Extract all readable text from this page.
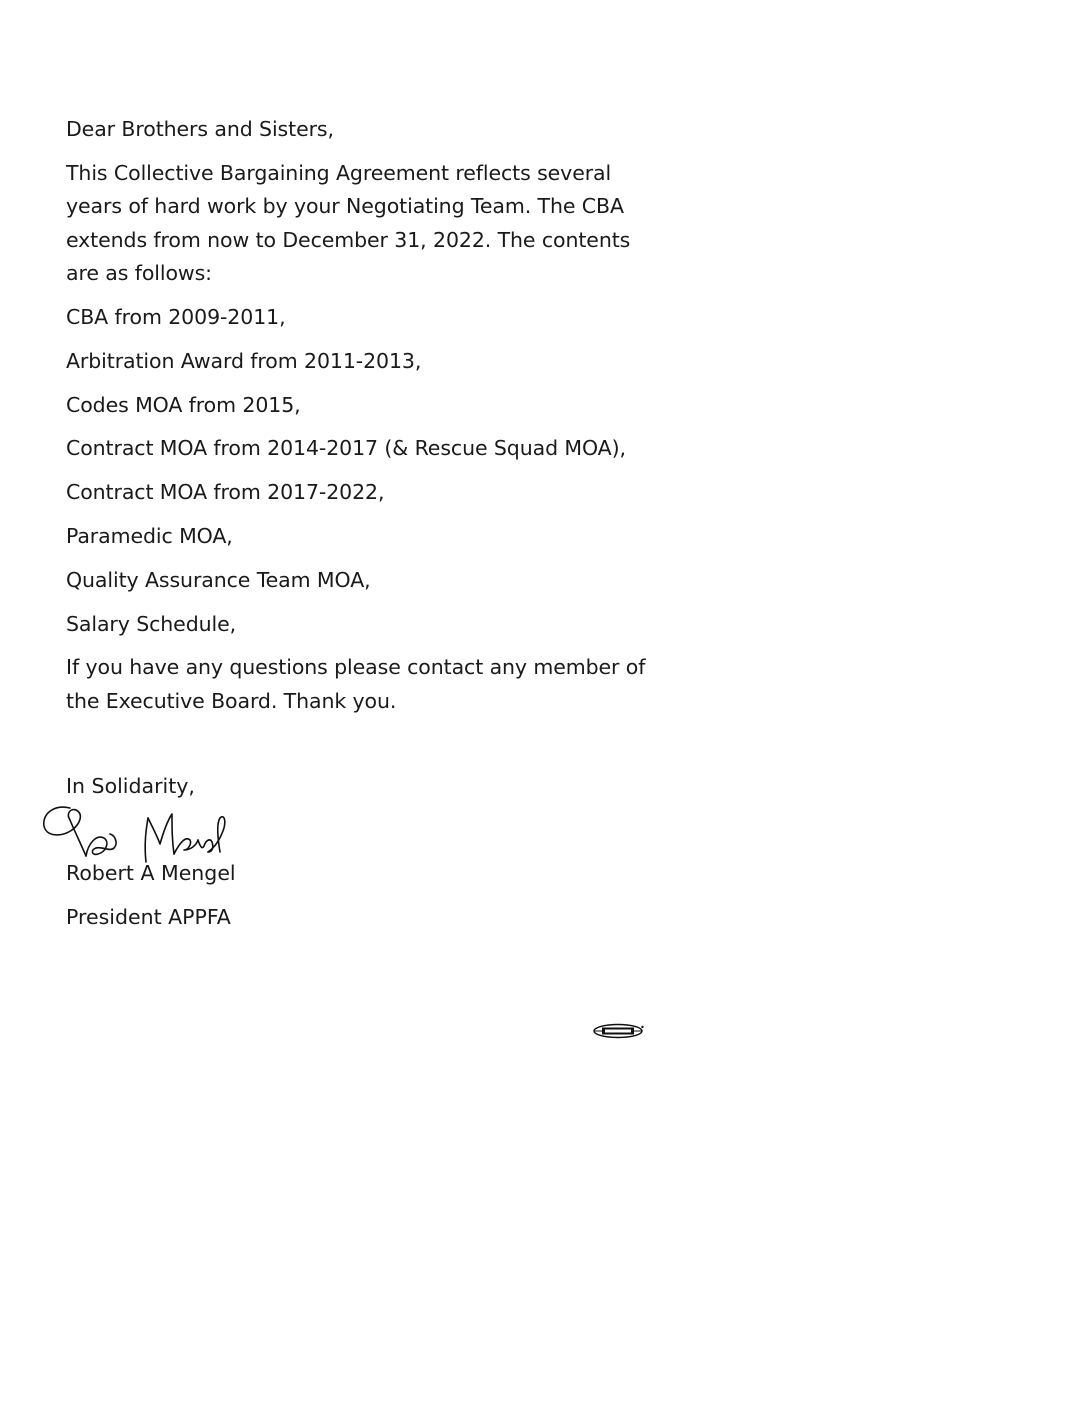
Dear Brothers and Sisters,
This Collective Bargaining Agreement reflects several
years of hard work by your Negotiating Team. The CBA
extends from now to December 31, 2022. The contents
are as follows:
CBA from 2009-2011,
Arbitration Award from 2011-2013,
Codes MOA from 2015,
Contract MOA from 2014-2017 (& Rescue Squad MOA),
Contract MOA from 2017-2022,
Paramedic MOA,
Quality Assurance Team MOA,
Salary Schedule,
If you have any questions please contact any member of
the Executive Board. Thank you.
In Solidarity,
Robert A Mengel
President APPFA
